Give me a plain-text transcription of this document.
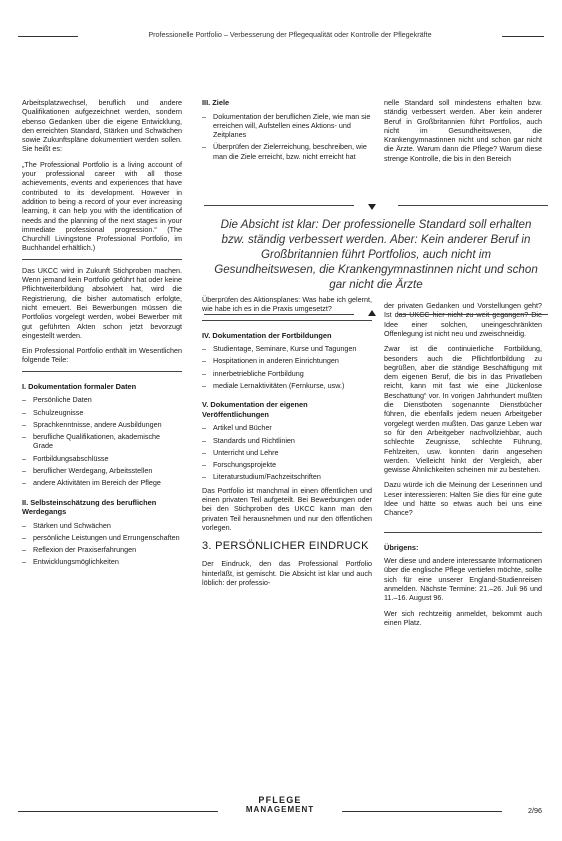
Professionelle Portfolio – Verbesserung der Pflegequalität oder Kontrolle der Pflegekräfte

Arbeitsplatzwechsel, beruflich und andere Qualifikationen aufgezeichnet werden, sondern ebenso Gedanken über die eigene Entwicklung, den erreichten Standard, Stärken und Schwächen sowie Zukunftspläne dokumentiert werden sollen. Sie heißt es:

„The Professional Portfolio is a living account of your professional career with all those achievements, events and experiences that have contributed to its development. However in addition to being a record of your ever increasing learning, it can help you with the identification of needs and the planning of the next stages in your immediate professional progression.“ (The Churchill Livingstone Professional Portfolio, im Buchhandel erhältlich.)

Das UKCC wird in Zukunft Stichproben machen. Wenn jemand kein Portfolio geführt hat oder keine Pflichtweiterbildung absolviert hat, wird die Registrierung, die bisher automatisch erfolgte, nicht erneuert. Bei Bewerbungen müssen die Portfolios vorgelegt werden, wobei Bewerber mit gut geführten Akten schon jetzt bevorzugt eingestellt werden.

Ein Professional Portfolio enthält im Wesentlichen folgende Teile:

I. Dokumentation formaler Daten
– Persönliche Daten
– Schulzeugnisse
– Sprachkenntnisse, andere Ausbildungen
– berufliche Qualifikationen, akademische Grade
– Fortbildungsabschlüsse
– beruflicher Werdegang, Arbeitsstellen
– andere Aktivitäten im Bereich der Pflege
II. Selbsteinschätzung des beruflichen Werdegangs
– Stärken und Schwächen
– persönliche Leistungen und Errungenschaften
– Reflexion der Praxiserfahrungen
– Entwicklungsmöglichkeiten
III. Ziele
– Dokumentation der beruflichen Ziele, wie man sie erreichen will, Aufstellen eines Aktions- und Zeitplanes
– Überprüfen der Zielerreichung, beschreiben, wie man die Ziele erreicht, bzw. nicht erreicht hat

Überprüfen des Aktionsplanes: Was habe ich gelernt, wie habe ich es in die Praxis umgesetzt?

IV. Dokumentation der Fortbildungen
– Studientage, Seminare, Kurse und Tagungen
– Hospitationen in anderen Einrichtungen
– innerbetriebliche Fortbildung
– mediale Lernaktivitäten (Fernkurse, usw.)
V. Dokumentation der eigenen Veröffentlichungen
– Artikel und Bücher
– Standards und Richtlinien
– Unterricht und Lehre
– Forschungsprojekte
– Literaturstudium/Fachzeitschriften

Das Portfolio ist manchmal in einen öffentlichen und einen privaten Teil aufgeteilt. Bei Bewerbungen oder bei den Stichproben des UKCC kann man den privaten Teil herausnehmen und nur den öffentlichen vorlegen.

3. PERSÖNLICHER EINDRUCK

Der Eindruck, den das Professional Portfolio hinterläßt, ist gemischt. Die Absicht ist klar und auch löblich: der professio-

nelle Standard soll mindestens erhalten bzw. ständig verbessert werden. Aber kein anderer Beruf in Großbritannien führt Portfolios, auch nicht im Gesundheitswesen, die Krankengymnastinnen nicht und schon gar nicht die Ärzte. Warum dann die Pflege? Warum diese strenge Kontrolle, die bis in den Bereich

der privaten Gedanken und Vorstellungen geht? Ist das UKCC hier nicht zu weit gegangen? Die Idee einer solchen, uneingeschränkten Offenlegung ist nicht neu und zweischneidig.

Zwar ist die continuierliche Fortbildung, besonders auch die Pflichtfortbildung zu begrüßen, aber die ständige Beschäftigung mit dem eigenen Beruf, die bis in das Privatleben reicht, kann mit fast wie eine „lückenlose Beschattung“ vor. In vorigen Jahrhundert mußten die Dienstboten sogenannte Dienstbücher führen, die ebenfalls jedem neuen Arbeitgeber vorgelegt werden mußten. Das ganze Leben war so für den Arbeitgeber nachvollziehbar, auch schlechte Zeugnisse, schlechte Führung, Fehlzeiten, usw. konnten darin angesehen werden. Vielleicht hinkt der Vergleich, aber gewisse Ähnlichkeiten scheinen mir zu bestehen.

Dazu würde ich die Meinung der Leserinnen und Leser interessieren: Halten Sie dies für eine gute Idee und hätte so etwas auch bei uns eine Chance?

Übrigens:

Wer diese und andere interessante Informationen über die englische Pflege vertiefen möchte, sollte sich für eine unserer England-Studienreisen anmelden. Nächste Termine: 21.–26. Juli 96 und 11.–16. August 96.

Wer sich rechtzeitig anmeldet, bekommt auch einen Platz.

Die Absicht ist klar: Der professionelle Standard soll erhalten bzw. ständig verbessert werden. Aber: Kein anderer Beruf in Großbritannien führt Portfolios, auch nicht im Gesundheitswesen, die Krankengymnastinnen nicht und schon gar nicht die Ärzte
PFLEGE
MANAGEMENT	2/96
